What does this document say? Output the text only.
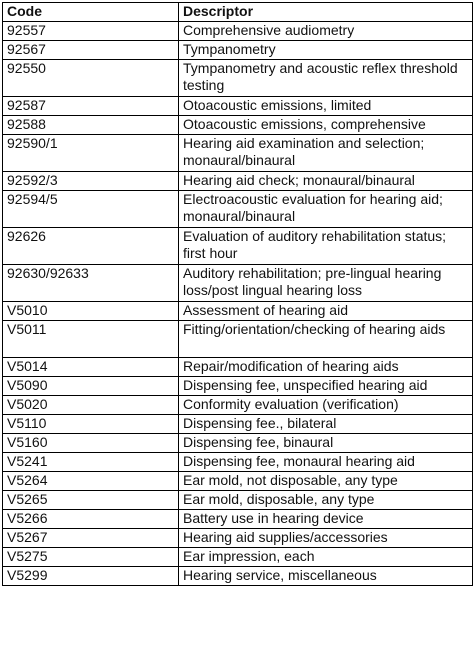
Code	Descriptor
92557	Comprehensive audiometry
92567	Tympanometry
92550	Tympanometry and acoustic reflex threshold testing
92587	Otoacoustic emissions, limited
92588	Otoacoustic emissions, comprehensive
92590/1	Hearing aid examination and selection; monaural/binaural
92592/3	Hearing aid check; monaural/binaural
92594/5	Electroacoustic evaluation for hearing aid; monaural/binaural
92626	Evaluation of auditory rehabilitation status; first hour
92630/92633	Auditory rehabilitation; pre-lingual hearing loss/post lingual hearing loss
V5010	Assessment of hearing aid
V5011	Fitting/orientation/checking of hearing aids
V5014	Repair/modification of hearing aids
V5090	Dispensing fee, unspecified hearing aid
V5020	Conformity evaluation (verification)
V5110	Dispensing fee., bilateral
V5160	Dispensing fee, binaural
V5241	Dispensing fee, monaural hearing aid
V5264	Ear mold, not disposable, any type
V5265	Ear mold, disposable, any type
V5266	Battery use in hearing device
V5267	Hearing aid supplies/accessories
V5275	Ear impression, each
V5299	Hearing service, miscellaneous
